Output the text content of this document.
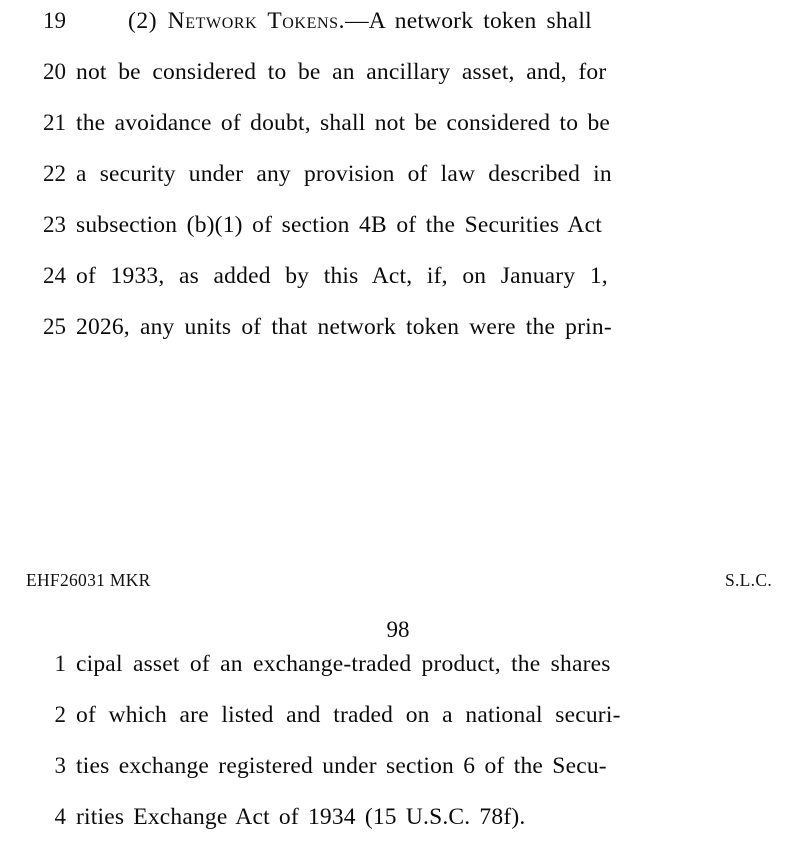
19	(2) Network Tokens.—A network token shall
20 not be considered to be an ancillary asset, and, for
21 the avoidance of doubt, shall not be considered to be
22 a security under any provision of law described in
23 subsection (b)(1) of section 4B of the Securities Act
24 of 1933, as added by this Act, if, on January 1,
25 2026, any units of that network token were the prin-
EHF26031 MKR	S.L.C.
98
1 cipal asset of an exchange-traded product, the shares
2 of which are listed and traded on a national securi-
3 ties exchange registered under section 6 of the Secu-
4 rities Exchange Act of 1934 (15 U.S.C. 78f).
